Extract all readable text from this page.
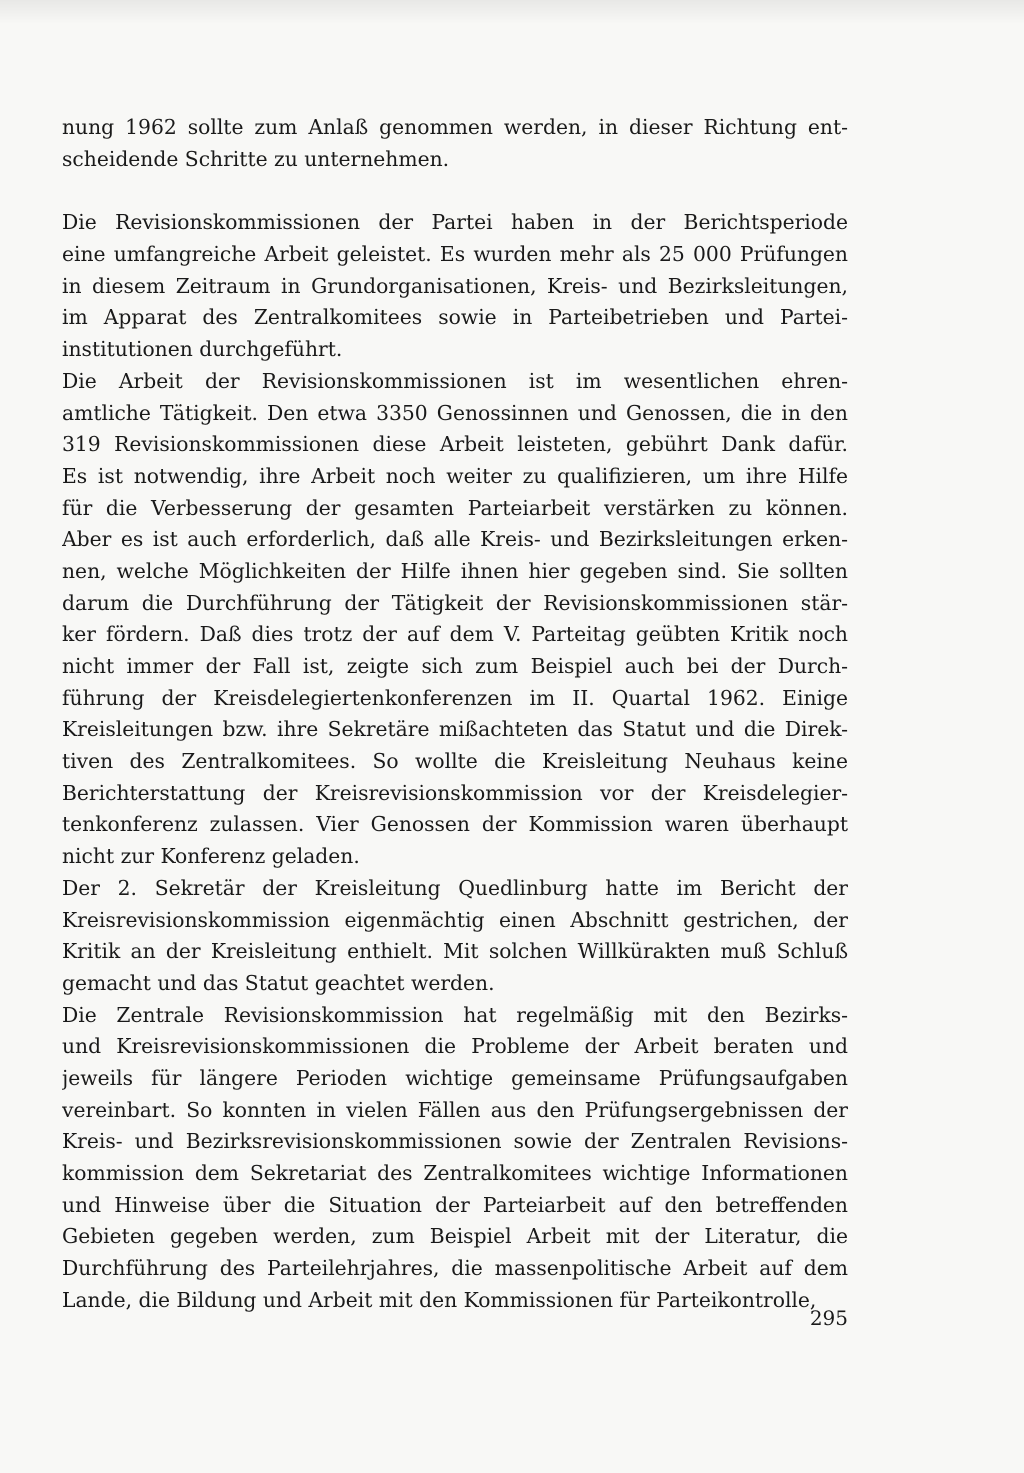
nung 1962 sollte zum Anlaß genommen werden, in dieser Richtung ent-
scheidende Schritte zu unternehmen.
Die Revisionskommissionen der Partei haben in der Berichtsperiode
eine umfangreiche Arbeit geleistet. Es wurden mehr als 25 000 Prüfungen
in diesem Zeitraum in Grundorganisationen, Kreis- und Bezirksleitungen,
im Apparat des Zentralkomitees sowie in Parteibetrieben und Partei-
institutionen durchgeführt.
Die Arbeit der Revisionskommissionen ist im wesentlichen ehren-
amtliche Tätigkeit. Den etwa 3350 Genossinnen und Genossen, die in den
319 Revisionskommissionen diese Arbeit leisteten, gebührt Dank dafür.
Es ist notwendig, ihre Arbeit noch weiter zu qualifizieren, um ihre Hilfe
für die Verbesserung der gesamten Parteiarbeit verstärken zu können.
Aber es ist auch erforderlich, daß alle Kreis- und Bezirksleitungen erken-
nen, welche Möglichkeiten der Hilfe ihnen hier gegeben sind. Sie sollten
darum die Durchführung der Tätigkeit der Revisionskommissionen stär-
ker fördern. Daß dies trotz der auf dem V. Parteitag geübten Kritik noch
nicht immer der Fall ist, zeigte sich zum Beispiel auch bei der Durch-
führung der Kreisdelegiertenkonferenzen im II. Quartal 1962. Einige
Kreisleitungen bzw. ihre Sekretäre mißachteten das Statut und die Direk-
tiven des Zentralkomitees. So wollte die Kreisleitung Neuhaus keine
Berichterstattung der Kreisrevisionskommission vor der Kreisdelegier-
tenkonferenz zulassen. Vier Genossen der Kommission waren überhaupt
nicht zur Konferenz geladen.
Der 2. Sekretär der Kreisleitung Quedlinburg hatte im Bericht der
Kreisrevisionskommission eigenmächtig einen Abschnitt gestrichen, der
Kritik an der Kreisleitung enthielt. Mit solchen Willkürakten muß Schluß
gemacht und das Statut geachtet werden.
Die Zentrale Revisionskommission hat regelmäßig mit den Bezirks-
und Kreisrevisionskommissionen die Probleme der Arbeit beraten und
jeweils für längere Perioden wichtige gemeinsame Prüfungsaufgaben
vereinbart. So konnten in vielen Fällen aus den Prüfungsergebnissen der
Kreis- und Bezirksrevisionskommissionen sowie der Zentralen Revisions-
kommission dem Sekretariat des Zentralkomitees wichtige Informationen
und Hinweise über die Situation der Parteiarbeit auf den betreffenden
Gebieten gegeben werden, zum Beispiel Arbeit mit der Literatur, die
Durchführung des Parteilehrjahres, die massenpolitische Arbeit auf dem
Lande, die Bildung und Arbeit mit den Kommissionen für Parteikontrolle,
295
